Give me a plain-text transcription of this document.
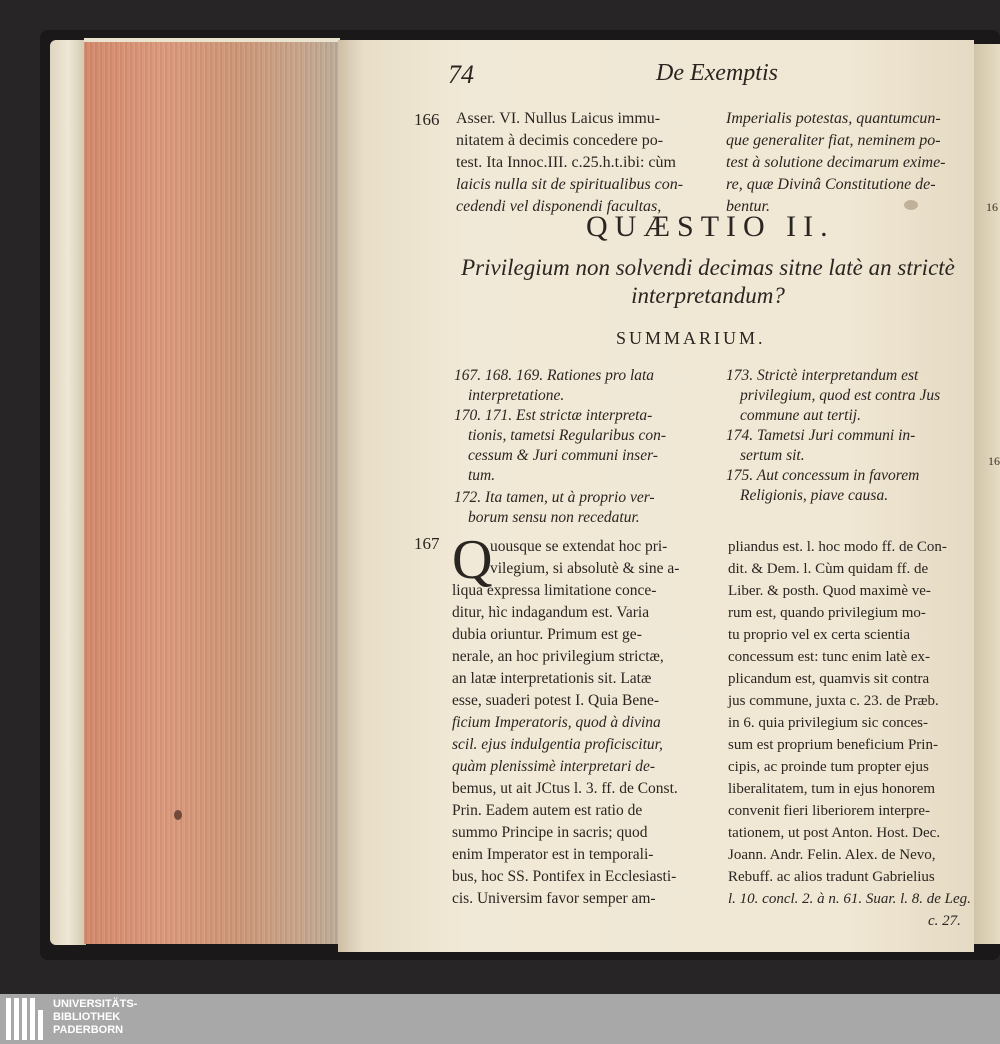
16
16
74	De Exemptis
166 Asser. VI. Nullus Laicus immu-
nitatem à decimis concedere po-
test. Ita Innoc.III. c.25.h.t.ibi: cùm
laicis nulla sit de spiritualibus con-
cedendi vel disponendi facultas,
Imperialis potestas, quantumcun-
que generaliter fiat, neminem po-
test à solutione decimarum exime-
re, quæ Divinâ Constitutione de-
bentur.
QUÆSTIO II.
Privilegium non solvendi decimas sitne latè an strictè
interpretandum?
SUMMARIUM.
167. 168. 169. Rationes pro lata
interpretatione.
170. 171. Est strictæ interpreta-
tionis, tametsi Regularibus con-
cessum & Juri communi inser-
tum.
172. Ita tamen, ut à proprio ver-
borum sensu non recedatur.
173. Strictè interpretandum est
privilegium, quod est contra Jus
commune aut tertij.
174. Tametsi Juri communi in-
sertum sit.
175. Aut concessum in favorem
Religionis, piave causa.
167 Q
uousque se extendat hoc pri-
vilegium, si absolutè & sine a-
liqua expressa limitatione conce-
ditur, hìc indagandum est. Varia
dubia oriuntur. Primum est ge-
nerale, an hoc privilegium strictæ,
an latæ interpretationis sit. Latæ
esse, suaderi potest I. Quia Bene-
ficium Imperatoris, quod à divina
scil. ejus indulgentia proficiscitur,
quàm plenissimè interpretari de-
bemus, ut ait JCtus l. 3. ff. de Const.
Prin. Eadem autem est ratio de
summo Principe in sacris; quod
enim Imperator est in temporali-
bus, hoc SS. Pontifex in Ecclesiasti-
cis. Universim favor semper am-
pliandus est. l. hoc modo ff. de Con-
dit. & Dem. l. Cùm quidam ff. de
Liber. & posth. Quod maximè ve-
rum est, quando privilegium mo-
tu proprio vel ex certa scientia
concessum est: tunc enim latè ex-
plicandum est, quamvis sit contra
jus commune, juxta c. 23. de Præb.
in 6. quia privilegium sic conces-
sum est proprium beneficium Prin-
cipis, ac proinde tum propter ejus
liberalitatem, tum in ejus honorem
convenit fieri liberiorem interpre-
tationem, ut post Anton. Host. Dec.
Joann. Andr. Felin. Alex. de Nevo,
Rebuff. ac alios tradunt Gabrielius
l. 10. concl. 2. à n. 61. Suar. l. 8. de Leg.
c. 27.
UNIVERSITÄTS-
BIBLIOTHEK
PADERBORN
